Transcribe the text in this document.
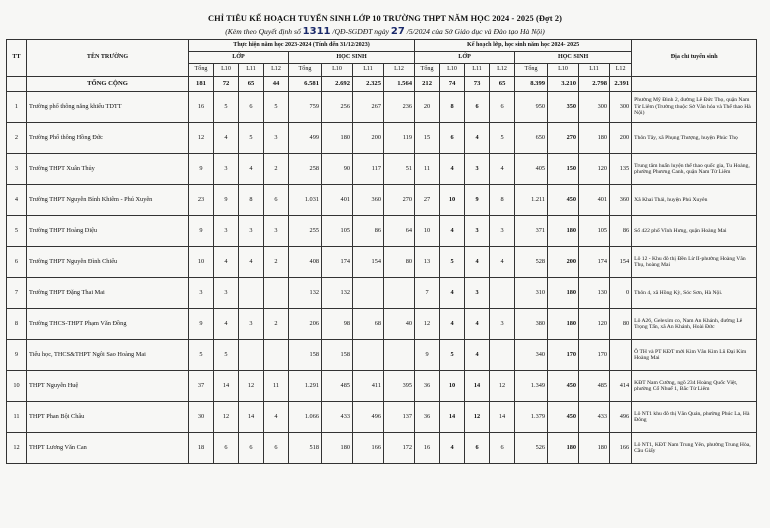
CHỈ TIÊU KẾ HOẠCH TUYỂN SINH LỚP 10 TRƯỜNG THPT NĂM HỌC 2024 - 2025 (Đợt 2)
(Kèm theo Quyết định số 1311 /QĐ-SGDĐT ngày 27 /5/2024 của Sở Giáo dục và Đào tạo Hà Nội)
TT	TÊN TRƯỜNG	Thực hiện năm học 2023-2024 (Tính đến 31/12/2023)								Kế hoạch lớp, học sinh năm học 2024- 2025								Địa chỉ tuyển sinh
		LỚP				HỌC SINH				LỚP				HỌC SINH				
		Tổng	L10	L11	L12	Tổng	L10	L11	L12	Tổng	L10	L11	L12	Tổng	L10	L11	L12	
	TỔNG CỘNG	181	72	65	44	6.581	2.692	2.325	1.564	212	74	73	65	8.399	3.210	2.798	2.391	
1	Trường phổ thông năng khiếu TDTT	16	5	6	5	759	256	267	236	20	8	6	6	950	350	300	300	Phường Mỹ Đình 2, đường Lê Đức Thọ, quận Nam Từ Liêm (Trường thuộc Sở Văn hóa và Thể thao Hà Nội)
2	Trường Phổ thông Hồng Đức	12	4	5	3	499	180	200	119	15	6	4	5	650	270	180	200	Thôn Tây, xã Phụng Thượng, huyện Phúc Thọ
3	Trường THPT Xuân Thủy	9	3	4	2	258	90	117	51	11	4	3	4	405	150	120	135	Trung tâm huấn luyện thể thao quốc gia, Tu Hoàng, phường Phương Canh, quận Nam Từ Liêm
4	Trường THPT Nguyễn Bỉnh Khiêm - Phú Xuyên	23	9	8	6	1.031	401	360	270	27	10	9	8	1.211	450	401	360	Xã Khai Thái, huyện Phú Xuyên
5	Trường THPT Hoàng Diệu	9	3	3	3	255	105	86	64	10	4	3	3	371	180	105	86	Số 422 phố Vĩnh Hưng, quận Hoàng Mai
6	Trường THPT Nguyễn Đình Chiểu	10	4	4	2	408	174	154	80	13	5	4	4	528	200	174	154	Lô 12 - Khu đô thị Đền Lừ II-phường Hoàng Văn Thụ, hoàng Mai
7	Trường THPT Đặng Thai Mai	3	3			132	132			7	4	3		310	180	130	0	Thôn 4, xã Hồng Kỳ, Sóc Sơn, Hà Nội.
8	Trường THCS-THPT Phạm Văn Đồng	9	4	3	2	206	98	68	40	12	4	4	3	380	180	120	80	Lô A26, Gelexim co, Nam An Khánh, đường Lê Trọng Tấn, xã An Khánh, Hoài Đức
9	Tiểu học, THCS&THPT Ngôi Sao Hoàng Mai	5	5			158	158			9	5	4		340	170	170		Ô TH và PT KĐT mới Kim Văn Kim Lũ Đại Kim Hoàng Mai
10	THPT Nguyễn Huệ	37	14	12	11	1.291	485	411	395	36	10	14	12	1.349	450	485	414	KĐT Nam Cường, ngõ 234 Hoàng Quốc Việt, phường Cổ Nhuế 1, Bắc Từ Liêm
11	THPT Phan Bội Châu	30	12	14	4	1.066	433	496	137	36	14	12	14	1.379	450	433	496	Lô NT1 khu đô thị Văn Quán, phường Phúc La, Hà Đông
12	THPT Lương Văn Can	18	6	6	6	518	180	166	172	16	4	6	6	526	180	180	166	Lô NT1, KĐT Nam Trung Yên, phường Trung Hòa, Cầu Giấy
